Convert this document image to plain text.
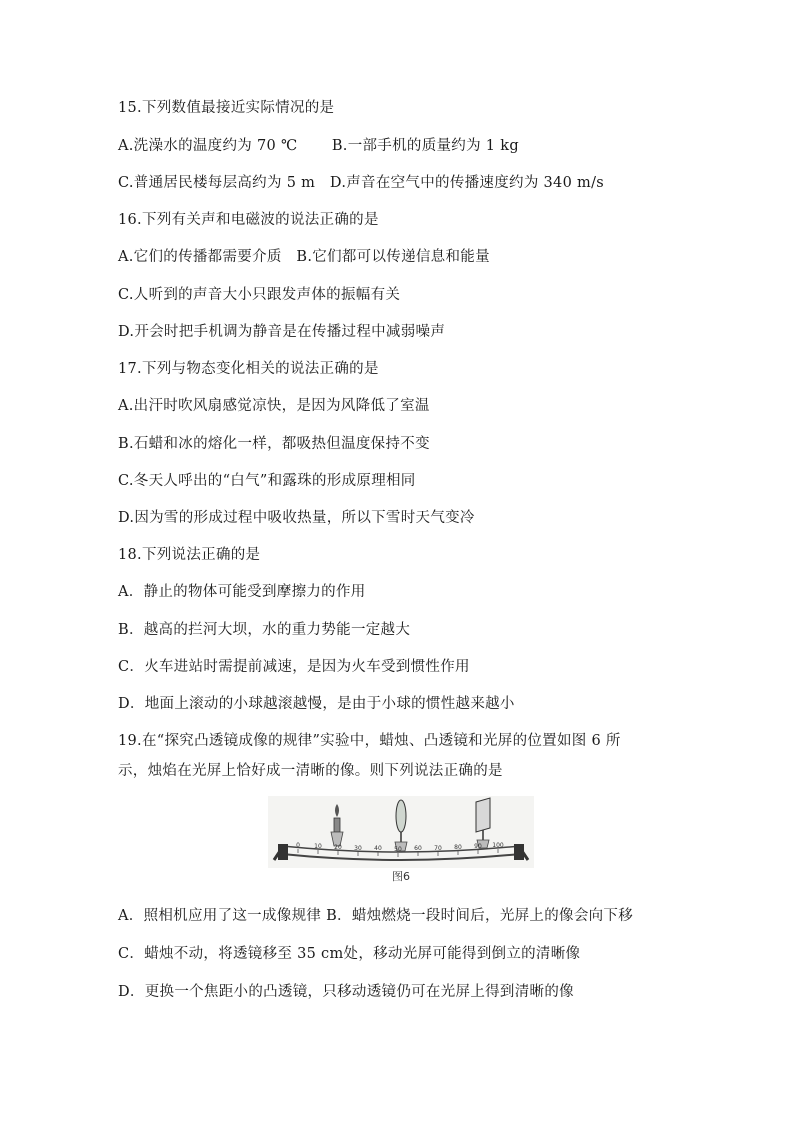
15.下列数值最接近实际情况的是
A.洗澡水的温度约为 70 ℃       B.一部手机的质量约为 1 kg
C.普通居民楼每层高约为 5 m   D.声音在空气中的传播速度约为 340 m/s
16.下列有关声和电磁波的说法正确的是
A.它们的传播都需要介质   B.它们都可以传递信息和能量
C.人听到的声音大小只跟发声体的振幅有关
D.开会时把手机调为静音是在传播过程中减弱噪声
17.下列与物态变化相关的说法正确的是
A.出汗时吹风扇感觉凉快，是因为风降低了室温
B.石蜡和冰的熔化一样，都吸热但温度保持不变
C.冬天人呼出的“白气”和露珠的形成原理相同
D.因为雪的形成过程中吸收热量，所以下雪时天气变冷
18.下列说法正确的是
A．静止的物体可能受到摩擦力的作用
B．越高的拦河大坝，水的重力势能一定越大
C．火车进站时需提前减速，是因为火车受到惯性作用
D．地面上滚动的小球越滚越慢，是由于小球的惯性越来越小
19.在“探究凸透镜成像的规律”实验中，蜡烛、凸透镜和光屏的位置如图 6 所
示，烛焰在光屏上恰好成一清晰的像。则下列说法正确的是
0 10 20 30 40 50 60 70 80 90 100
图6
A．照相机应用了这一成像规律 B．蜡烛燃烧一段时间后，光屏上的像会向下移
C．蜡烛不动，将透镜移至 35 cm处，移动光屏可能得到倒立的清晰像
D．更换一个焦距小的凸透镜，只移动透镜仍可在光屏上得到清晰的像
